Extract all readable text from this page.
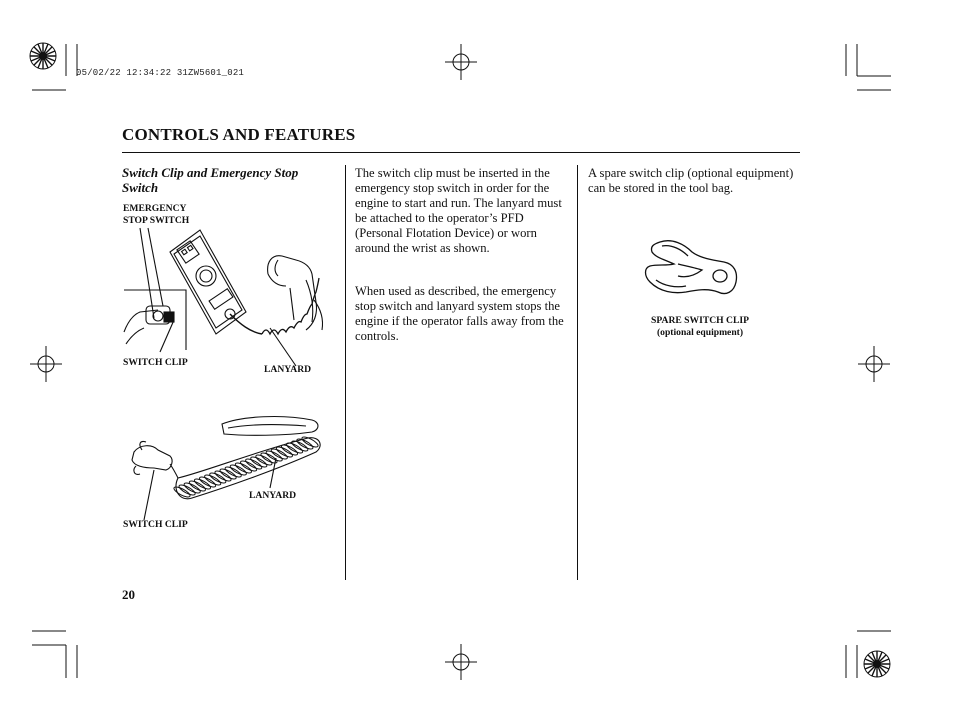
05/02/22 12:34:22 31ZW5601_021
CONTROLS AND FEATURES
Switch Clip and Emergency Stop Switch
EMERGENCY
STOP SWITCH
SWITCH CLIP
LANYARD
LANYARD
SWITCH CLIP
The switch clip must be inserted in the emergency stop switch in order for the engine to start and run. The lanyard must be attached to the operator’s PFD (Personal Flotation Device) or worn around the wrist as shown.
When used as described, the emergency stop switch and lanyard system stops the engine if the operator falls away from the controls.
A spare switch clip (optional equipment) can be stored in the tool bag.
SPARE SWITCH CLIP
(optional equipment)
20
